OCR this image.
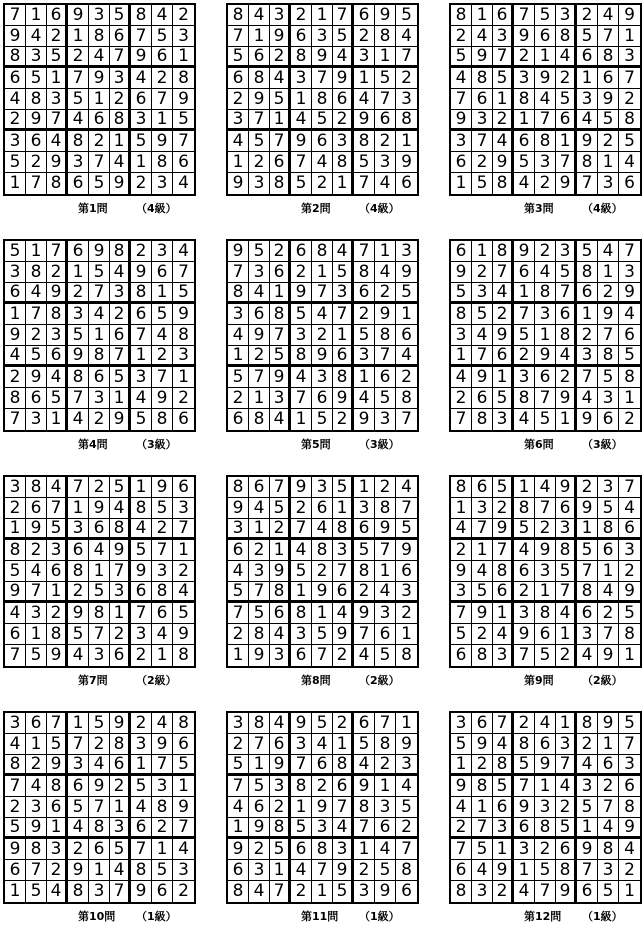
7 1 6 9 3 5 8 4 2
9 4 2 1 8 6 7 5 3
8 3 5 2 4 7 9 6 1
6 5 1 7 9 3 4 2 8
4 8 3 5 1 2 6 7 9
2 9 7 4 6 8 3 1 5
3 6 4 8 2 1 5 9 7
5 2 9 3 7 4 1 8 6
1 7 8 6 5 9 2 3 4
第1問	（4級）
8 4 3 2 1 7 6 9 5
7 1 9 6 3 5 2 8 4
5 6 2 8 9 4 3 1 7
6 8 4 3 7 9 1 5 2
2 9 5 1 8 6 4 7 3
3 7 1 4 5 2 9 6 8
4 5 7 9 6 3 8 2 1
1 2 6 7 4 8 5 3 9
9 3 8 5 2 1 7 4 6
第2問	（4級）
8 1 6 7 5 3 2 4 9
2 4 3 9 6 8 5 7 1
5 9 7 2 1 4 6 8 3
4 8 5 3 9 2 1 6 7
7 6 1 8 4 5 3 9 2
9 3 2 1 7 6 4 5 8
3 7 4 6 8 1 9 2 5
6 2 9 5 3 7 8 1 4
1 5 8 4 2 9 7 3 6
第3問	（4級）
5 1 7 6 9 8 2 3 4
3 8 2 1 5 4 9 6 7
6 4 9 2 7 3 8 1 5
1 7 8 3 4 2 6 5 9
9 2 3 5 1 6 7 4 8
4 5 6 9 8 7 1 2 3
2 9 4 8 6 5 3 7 1
8 6 5 7 3 1 4 9 2
7 3 1 4 2 9 5 8 6
第4問	（3級）
9 5 2 6 8 4 7 1 3
7 3 6 2 1 5 8 4 9
8 4 1 9 7 3 6 2 5
3 6 8 5 4 7 2 9 1
4 9 7 3 2 1 5 8 6
1 2 5 8 9 6 3 7 4
5 7 9 4 3 8 1 6 2
2 1 3 7 6 9 4 5 8
6 8 4 1 5 2 9 3 7
第5問	（3級）
6 1 8 9 2 3 5 4 7
9 2 7 6 4 5 8 1 3
5 3 4 1 8 7 6 2 9
8 5 2 7 3 6 1 9 4
3 4 9 5 1 8 2 7 6
1 7 6 2 9 4 3 8 5
4 9 1 3 6 2 7 5 8
2 6 5 8 7 9 4 3 1
7 8 3 4 5 1 9 6 2
第6問	（3級）
3 8 4 7 2 5 1 9 6
2 6 7 1 9 4 8 5 3
1 9 5 3 6 8 4 2 7
8 2 3 6 4 9 5 7 1
5 4 6 8 1 7 9 3 2
9 7 1 2 5 3 6 8 4
4 3 2 9 8 1 7 6 5
6 1 8 5 7 2 3 4 9
7 5 9 4 3 6 2 1 8
第7問	（2級）
8 6 7 9 3 5 1 2 4
9 4 5 2 6 1 3 8 7
3 1 2 7 4 8 6 9 5
6 2 1 4 8 3 5 7 9
4 3 9 5 2 7 8 1 6
5 7 8 1 9 6 2 4 3
7 5 6 8 1 4 9 3 2
2 8 4 3 5 9 7 6 1
1 9 3 6 7 2 4 5 8
第8問	（2級）
8 6 5 1 4 9 2 3 7
1 3 2 8 7 6 9 5 4
4 7 9 5 2 3 1 8 6
2 1 7 4 9 8 5 6 3
9 4 8 6 3 5 7 1 2
3 5 6 2 1 7 8 4 9
7 9 1 3 8 4 6 2 5
5 2 4 9 6 1 3 7 8
6 8 3 7 5 2 4 9 1
第9問	（2級）
3 6 7 1 5 9 2 4 8
4 1 5 7 2 8 3 9 6
8 2 9 3 4 6 1 7 5
7 4 8 6 9 2 5 3 1
2 3 6 5 7 1 4 8 9
5 9 1 4 8 3 6 2 7
9 8 3 2 6 5 7 1 4
6 7 2 9 1 4 8 5 3
1 5 4 8 3 7 9 6 2
第10問 （1級）
3 8 4 9 5 2 6 7 1
2 7 6 3 4 1 5 8 9
5 1 9 7 6 8 4 2 3
7 5 3 8 2 6 9 1 4
4 6 2 1 9 7 8 3 5
1 9 8 5 3 4 7 6 2
9 2 5 6 8 3 1 4 7
6 3 1 4 7 9 2 5 8
8 4 7 2 1 5 3 9 6
第11問 （1級）
3 6 7 2 4 1 8 9 5
5 9 4 8 6 3 2 1 7
1 2 8 5 9 7 4 6 3
9 8 5 7 1 4 3 2 6
4 1 6 9 3 2 5 7 8
2 7 3 6 8 5 1 4 9
7 5 1 3 2 6 9 8 4
6 4 9 1 5 8 7 3 2
8 3 2 4 7 9 6 5 1
第12問 （1級）
